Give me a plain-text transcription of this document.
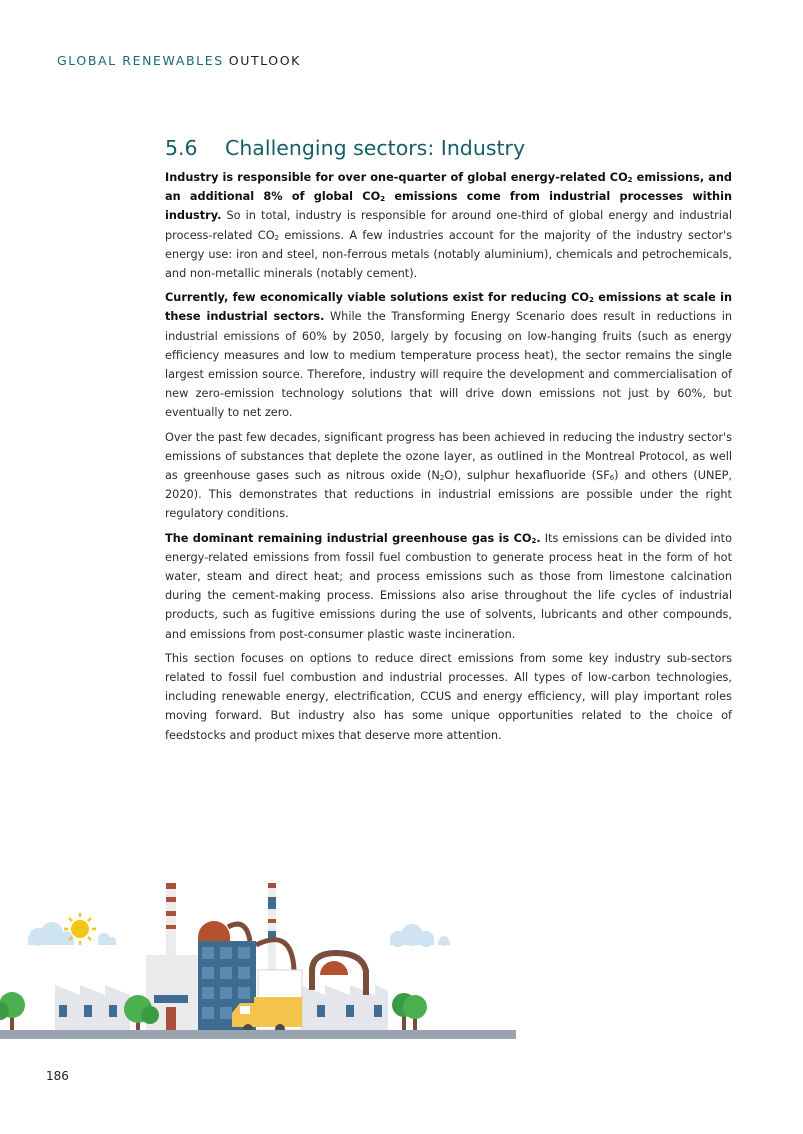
GLOBAL RENEWABLES OUTLOOK
5.6 Challenging sectors: Industry

Industry is responsible for over one-quarter of global energy-related $CO_2$ emissions, and an additional 8% of global $CO_2$ emissions come from industrial processes within industry. So in total, industry is responsible for around one-third of global energy and industrial process-related $CO_2$ emissions. A few industries account for the majority of the industry sector's energy use: iron and steel, non-ferrous metals (notably aluminium), chemicals and petrochemicals, and non-metallic minerals (notably cement).

Currently, few economically viable solutions exist for reducing $CO_2$ emissions at scale in these industrial sectors. While the Transforming Energy Scenario does result in reductions in industrial emissions of 60% by 2050, largely by focusing on low-hanging fruits (such as energy efficiency measures and low to medium temperature process heat), the sector remains the single largest emission source. Therefore, industry will require the development and commercialisation of new zero-emission technology solutions that will drive down emissions not just by 60%, but eventually to net zero.

Over the past few decades, significant progress has been achieved in reducing the industry sector's emissions of substances that deplete the ozone layer, as outlined in the Montreal Protocol, as well as greenhouse gases such as nitrous oxide $(N_2O)$, sulphur hexafluoride $(SF_6)$ and others (UNEP, 2020). This demonstrates that reductions in industrial emissions are possible under the right regulatory conditions.

The dominant remaining industrial greenhouse gas is $CO_2$. Its emissions can be divided into energy-related emissions from fossil fuel combustion to generate process heat in the form of hot water, steam and direct heat; and process emissions such as those from limestone calcination during the cement-making process. Emissions also arise throughout the life cycles of industrial products, such as fugitive emissions during the use of solvents, lubricants and other compounds, and emissions from post-consumer plastic waste incineration.

This section focuses on options to reduce direct emissions from some key industry sub-sectors related to fossil fuel combustion and industrial processes. All types of low-carbon technologies, including renewable energy, electrification, CCUS and energy efficiency, will play important roles moving forward. But industry also has some unique opportunities related to the choice of feedstocks and product mixes that deserve more attention.

186
